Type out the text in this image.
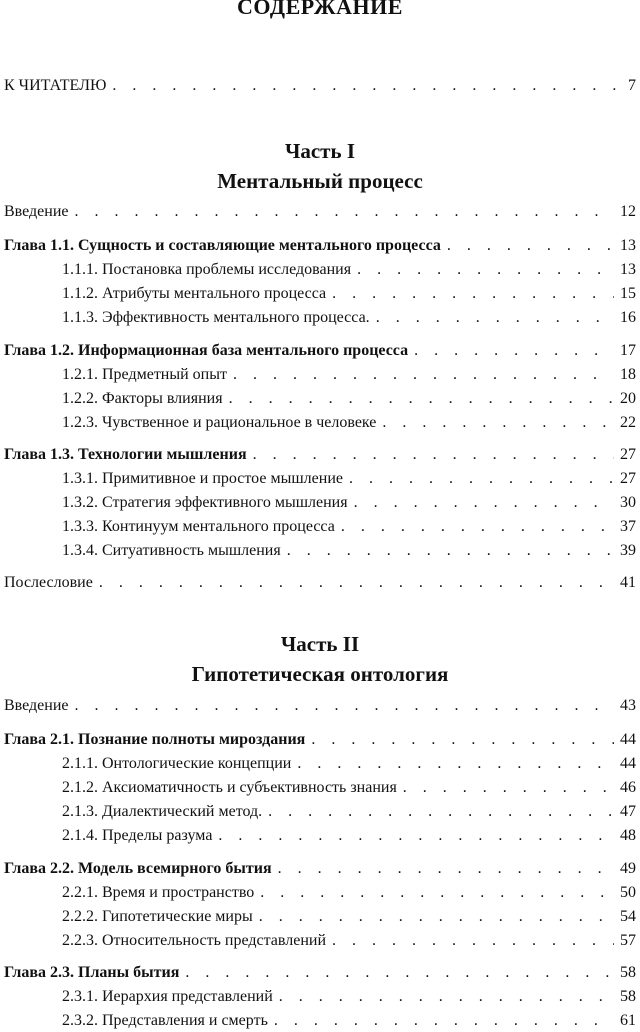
СОДЕРЖАНИЕ
К ЧИТАТЕЛЮ . . .	7
Часть I
Ментальный процесс
Введение . . .	12
Глава 1.1. Сущность и составляющие ментального процесса . . .	13
1.1.1. Постановка проблемы исследования . . .	13
1.1.2. Атрибуты ментального процесса . . .	15
1.1.3. Эффективность ментального процесса. . . .	16
Глава 1.2. Информационная база ментального процесса . . .	17
1.2.1. Предметный опыт . . .	18
1.2.2. Факторы влияния . . .	20
1.2.3. Чувственное и рациональное в человеке . . .	22
Глава 1.3. Технологии мышления . . .	27
1.3.1. Примитивное и простое мышление . . .	27
1.3.2. Стратегия эффективного мышления . . .	30
1.3.3. Континуум ментального процесса . . .	37
1.3.4. Ситуативность мышления . . .	39
Послесловие . . .	41
Часть II
Гипотетическая онтология
Введение . . .	43
Глава 2.1. Познание полноты мироздания . . .	44
2.1.1. Онтологические концепции . . .	44
2.1.2. Аксиоматичность и субъективность знания . . .	46
2.1.3. Диалектический метод. . . .	47
2.1.4. Пределы разума . . .	48
Глава 2.2. Модель всемирного бытия . . .	49
2.2.1. Время и пространство . . .	50
2.2.2. Гипотетические миры . . .	54
2.2.3. Относительность представлений . . .	57
Глава 2.3. Планы бытия . . .	58
2.3.1. Иерархия представлений . . .	58
2.3.2. Представления и смерть . . .	61
